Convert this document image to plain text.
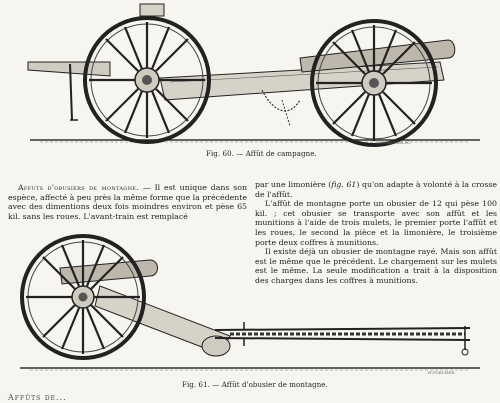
H.PORCHER.SC.
Fig. 60. — Affût de campagne.

Affuts d'obusiers de montagne. — Il est unique dans son espèce, affecté à peu près la même forme que la précédente avec des dimentions deux fois moindres environ et pèse 65 kil. sans les roues. L'avant-train est remplacé

par une limonière (fig. 61) qu'on adapte à volonté à la crosse de l'affût.

L'affût de montagne porte un obusier de 12 qui pèse 100 kil. ; cet obusier se transporte avec son affût et les munitions à l'aide de trois mulets, le premier porte l'affût et les roues, le second la pièce et la limonière, le troisième porte deux coffres à munitions.

Il existe déjà un obusier de montagne rayé. Mais son affût est le même que le précédent. Le chargement sur les mulets est le même. La seule modification a trait à la disposition des charges dans les coffres à munitions.

H.PORCHER.
Fig. 61. — Affût d'obusier de montagne.
Affûts de...
